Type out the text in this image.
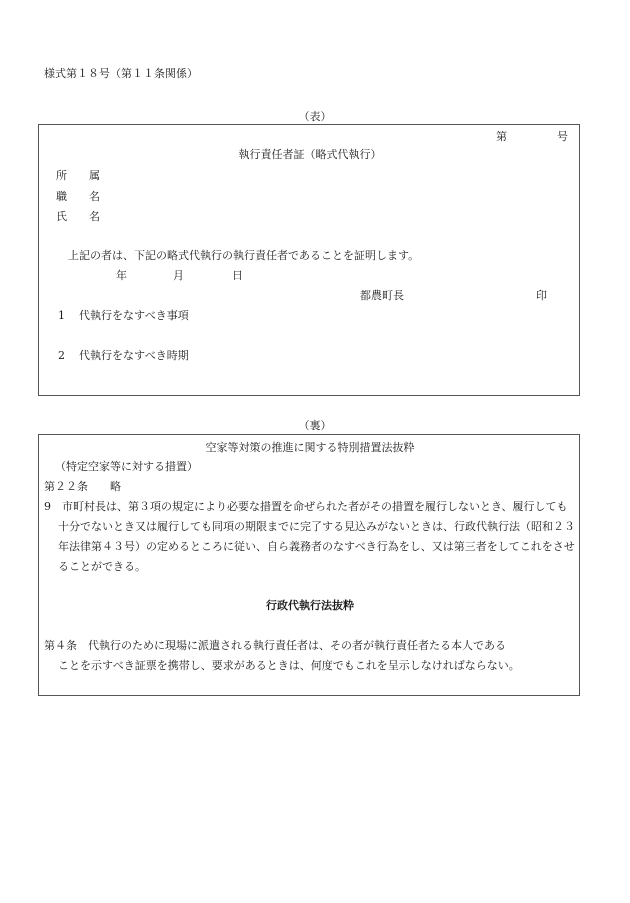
様式第１８号（第１１条関係）
（表）
第	号
執行責任者証（略式代執行）
所　　属
職　　名
氏　　名
上記の者は、下記の略式代執行の執行責任者であることを証明します。
年	月	日
都農町長	印
1 代執行をなすべき事項
2 代執行をなすべき時期
（裏）
空家等対策の推進に関する特別措置法抜粋
（特定空家等に対する措置）
第２２条　　略
9　市町村長は、第３項の規定により必要な措置を命ぜられた者がその措置を履行しないとき、履行しても
十分でないとき又は履行しても同項の期限までに完了する見込みがないときは、行政代執行法（昭和２３
年法律第４３号）の定めるところに従い、自ら義務者のなすべき行為をし、又は第三者をしてこれをさせ
ることができる。
行政代執行法抜粋
第４条　代執行のために現場に派遣される執行責任者は、その者が執行責任者たる本人である
ことを示すべき証票を携帯し、要求があるときは、何度でもこれを呈示しなければならない。
